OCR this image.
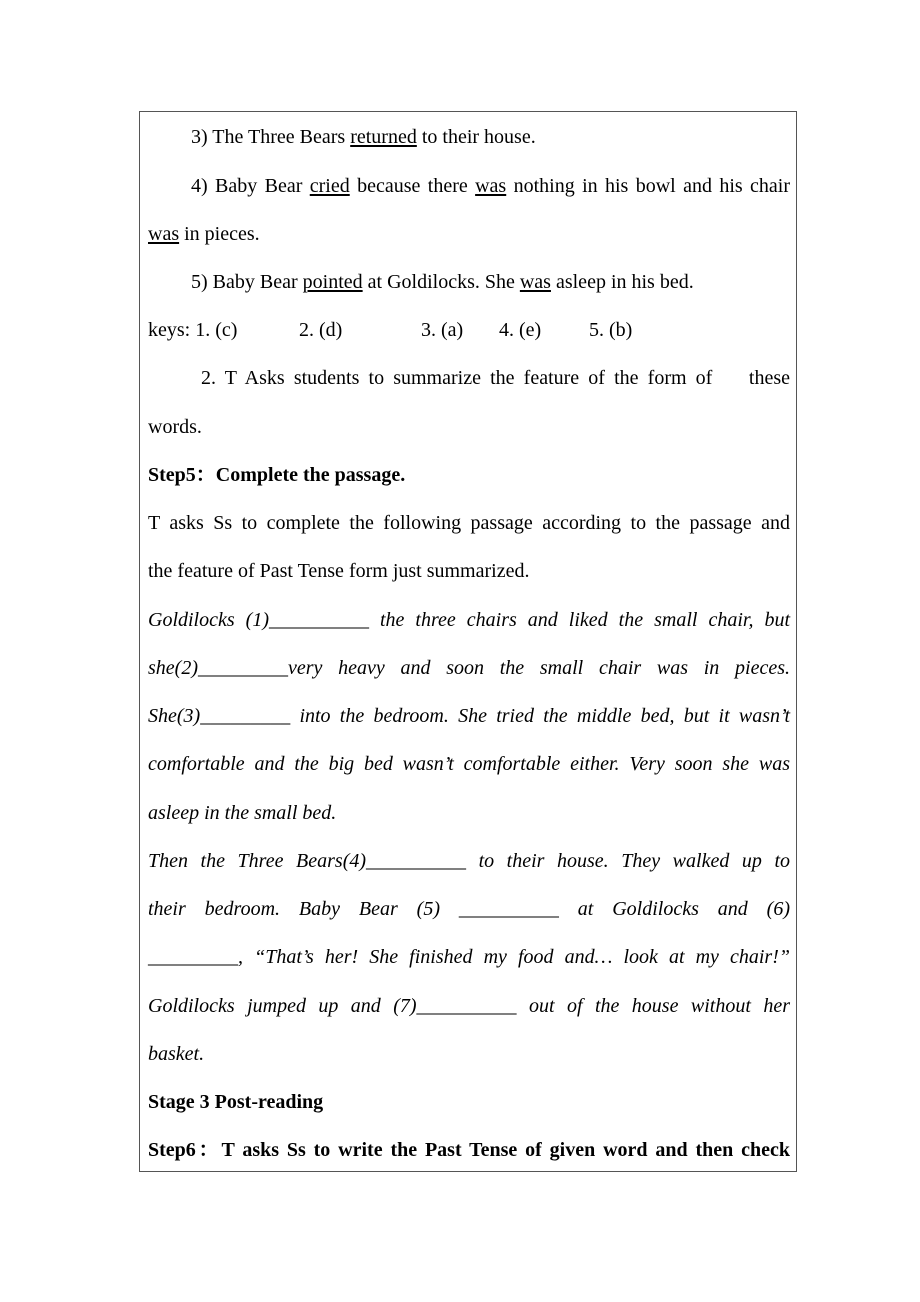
3) The Three Bears returned to their house.

4) Baby Bear cried because there was nothing in his bowl and his chair

was in pieces.

5) Baby Bear pointed at Goldilocks. She was asleep in his bed.

keys: 1. (c)	2. (d)	3. (a) 4. (e) 5. (b)

2. T Asks students to summarize the feature of the form of    these

words.

Step5：Complete the passage.

T asks Ss to complete the following passage according to the passage and

the feature of Past Tense form just summarized.

Goldilocks (1)__________ the three chairs and liked the small chair, but

she(2)_________very heavy and soon the small chair was in pieces.

She(3)_________ into the bedroom. She tried the middle bed, but it wasn’t

comfortable and the big bed wasn’t comfortable either. Very soon she was

asleep in the small bed.

Then the Three Bears(4)__________ to their house. They walked up to

their bedroom. Baby Bear (5) __________ at Goldilocks and (6)

_________, “That’s her! She finished my food and… look at my chair!”

Goldilocks jumped up and (7)__________ out of the house without her

basket.

Stage 3 Post-reading

Step6：T asks Ss to write the Past Tense of given word and then check
